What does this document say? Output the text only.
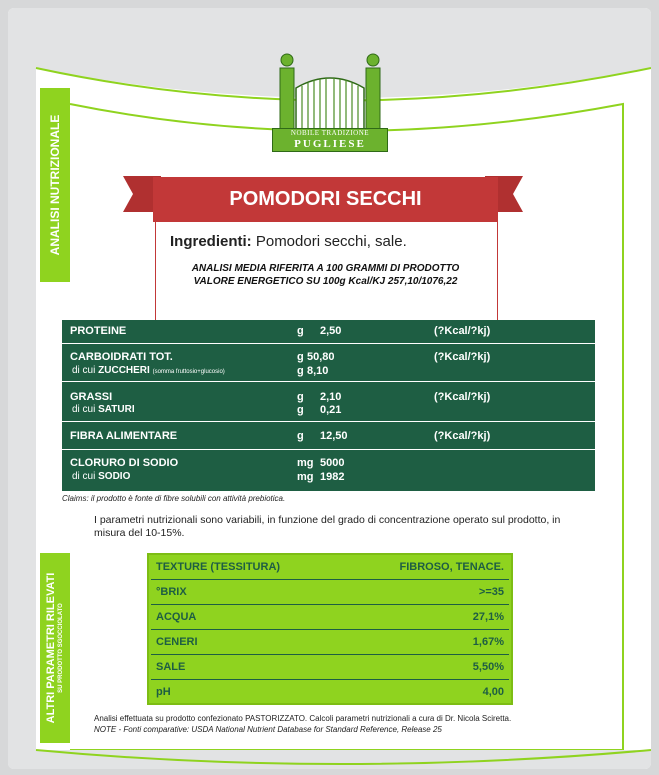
NOBILE TRADIZIONE
PUGLIESE
ANALISI NUTRIZIONALE
ALTRI PARAMETRI RILEVATI SU PRODOTTO SGOCCIOLATO
POMODORI SECCHI
Ingredienti: Pomodori secchi, sale.
ANALISI MEDIA RIFERITA A 100 GRAMMI DI PRODOTTO
VALORE ENERGETICO SU 100g Kcal/KJ 257,10/1076,22
PROTEINE	g 2,50	(?Kcal/?kj)
CARBOIDRATI TOT.	g 50,80	(?Kcal/?kj)
di cui ZUCCHERI (somma fruttosio+glucosio)	g 8,10
GRASSI	g 2,10	(?Kcal/?kj)
di cui SATURI	g 0,21
FIBRA ALIMENTARE	g 12,50	(?Kcal/?kj)
CLORURO DI SODIO	mg 5000
di cui SODIO	mg 1982
Claims: il prodotto è fonte di fibre solubili con attività prebiotica.
I parametri nutrizionali sono variabili, in funzione del grado di concentrazione operato sul prodotto, in misura del 10-15%.
TEXTURE (TESSITURA)	FIBROSO, TENACE.
°BRIX	>=35
ACQUA	27,1%
CENERI	1,67%
SALE	5,50%
pH	4,00
Analisi effettuata su prodotto confezionato PASTORIZZATO. Calcoli parametri nutrizionali a cura di Dr. Nicola Sciretta.
NOTE - Fonti comparative: USDA National Nutrient Database for Standard Reference, Release 25
